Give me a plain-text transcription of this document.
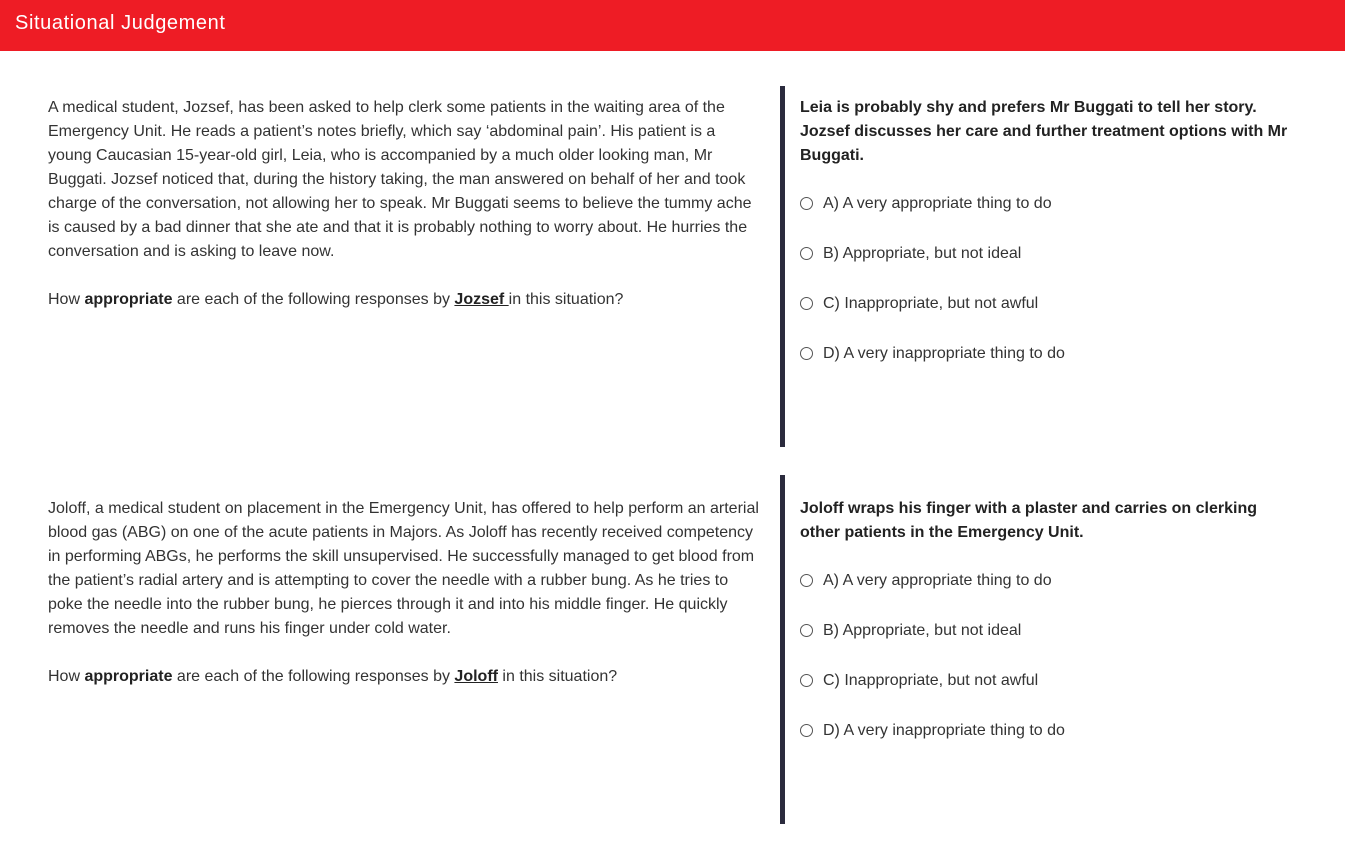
Situational Judgement
A medical student, Jozsef, has been asked to help clerk some patients in the waiting area of the Emergency Unit. He reads a patient’s notes briefly, which say ‘abdominal pain’. His patient is a young Caucasian 15-year-old girl, Leia, who is accompanied by a much older looking man, Mr Buggati. Jozsef noticed that, during the history taking, the man answered on behalf of her and took charge of the conversation, not allowing her to speak. Mr Buggati seems to believe the tummy ache is caused by a bad dinner that she ate and that it is probably nothing to worry about. He hurries the conversation and is asking to leave now.
How appropriate are each of the following responses by Jozsef in this situation?
Leia is probably shy and prefers Mr Buggati to tell her story. Jozsef discusses her care and further treatment options with Mr Buggati.
A) A very appropriate thing to do
B) Appropriate, but not ideal
C) Inappropriate, but not awful
D) A very inappropriate thing to do
Joloff, a medical student on placement in the Emergency Unit, has offered to help perform an arterial blood gas (ABG) on one of the acute patients in Majors. As Joloff has recently received competency in performing ABGs, he performs the skill unsupervised. He successfully managed to get blood from the patient’s radial artery and is attempting to cover the needle with a rubber bung. As he tries to poke the needle into the rubber bung, he pierces through it and into his middle finger. He quickly removes the needle and runs his finger under cold water.
How appropriate are each of the following responses by Joloff in this situation?
Joloff wraps his finger with a plaster and carries on clerking other patients in the Emergency Unit.
A) A very appropriate thing to do
B) Appropriate, but not ideal
C) Inappropriate, but not awful
D) A very inappropriate thing to do
